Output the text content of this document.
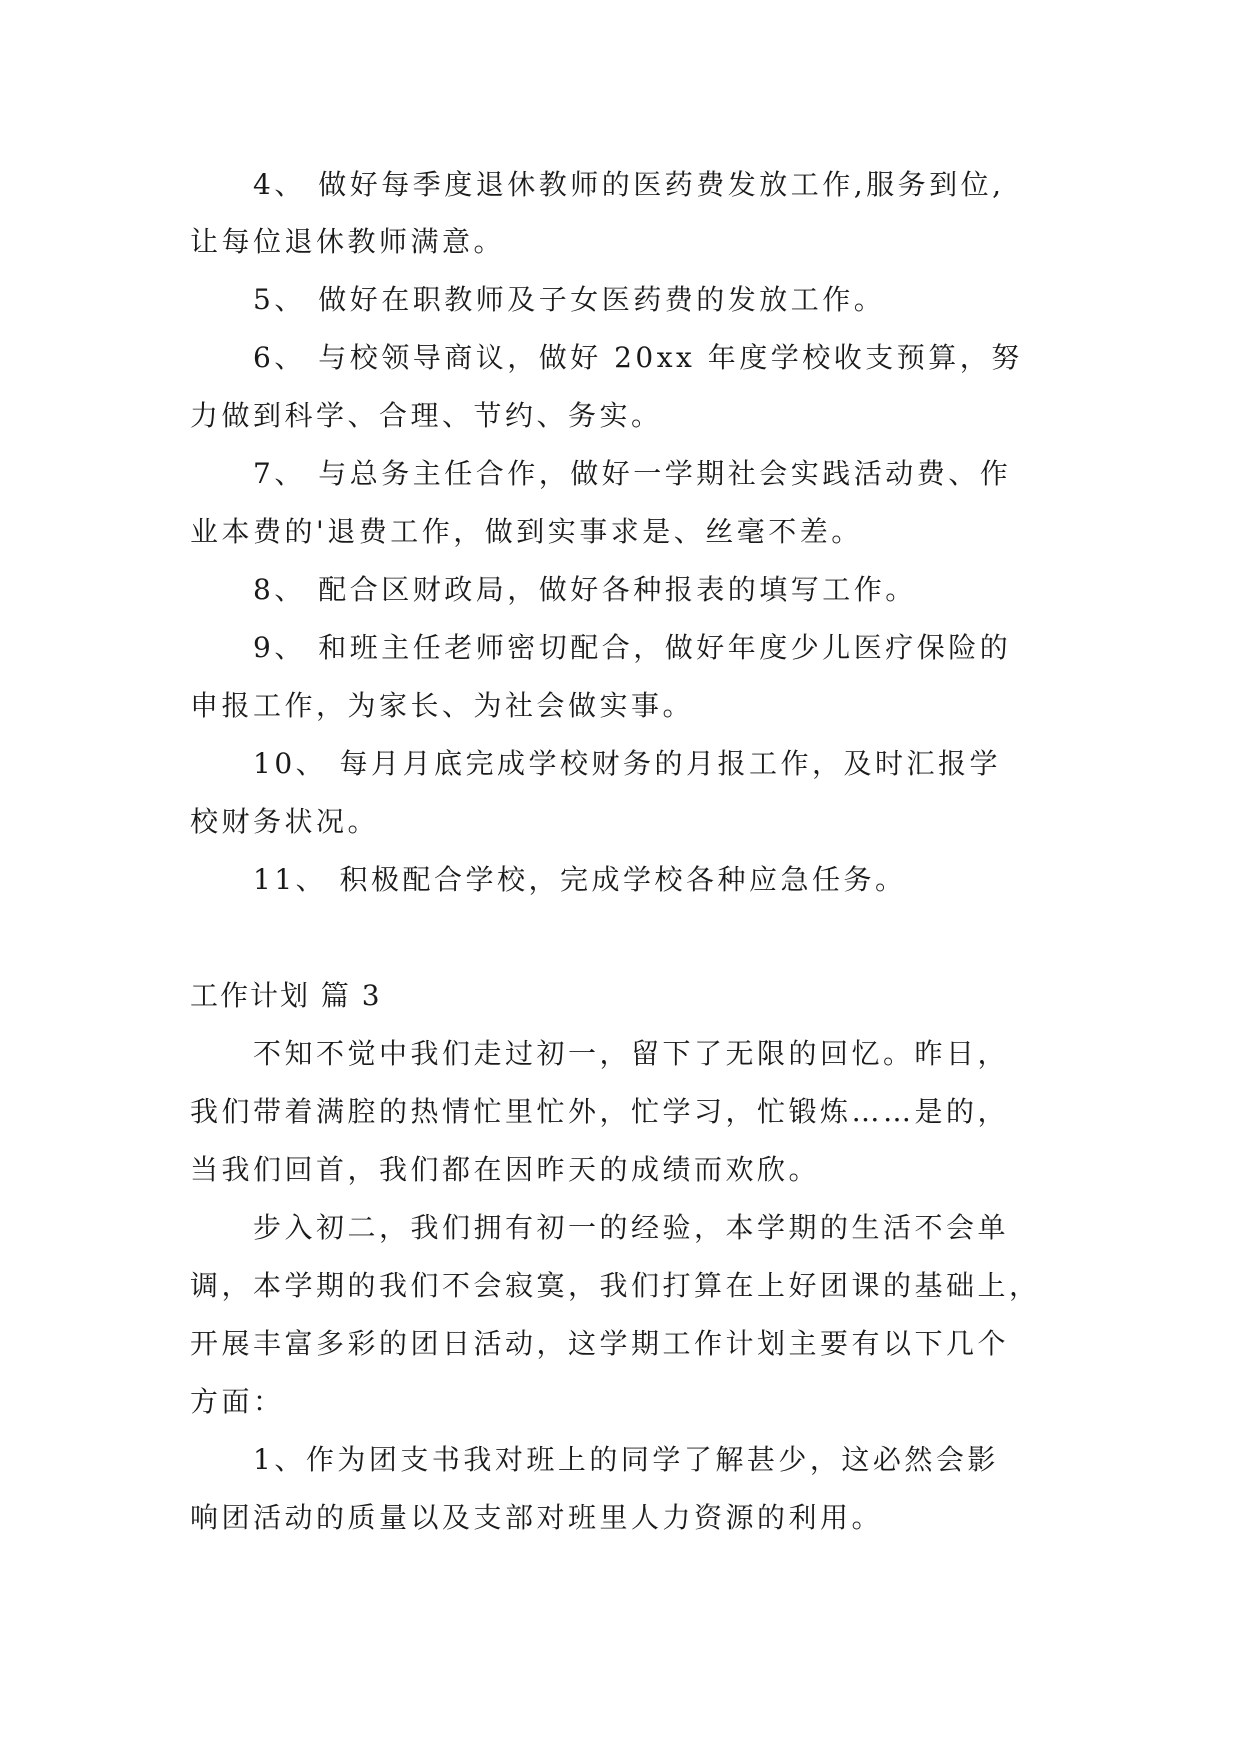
4、 做好每季度退休教师的医药费发放工作,服务到位,
让每位退休教师满意。
5、 做好在职教师及子女医药费的发放工作。
6、 与校领导商议，做好 20xx 年度学校收支预算，努
力做到科学、合理、节约、务实。
7、 与总务主任合作，做好一学期社会实践活动费、作
业本费的'退费工作，做到实事求是、丝毫不差。
8、 配合区财政局，做好各种报表的填写工作。
9、 和班主任老师密切配合，做好年度少儿医疗保险的
申报工作，为家长、为社会做实事。
10、 每月月底完成学校财务的月报工作，及时汇报学
校财务状况。
11、 积极配合学校，完成学校各种应急任务。
工作计划 篇 3
不知不觉中我们走过初一，留下了无限的回忆。昨日，
我们带着满腔的热情忙里忙外，忙学习，忙锻炼……是的，
当我们回首，我们都在因昨天的成绩而欢欣。
步入初二，我们拥有初一的经验，本学期的生活不会单
调，本学期的我们不会寂寞，我们打算在上好团课的基础上，
开展丰富多彩的团日活动，这学期工作计划主要有以下几个
方面：
1、作为团支书我对班上的同学了解甚少，这必然会影
响团活动的质量以及支部对班里人力资源的利用。
